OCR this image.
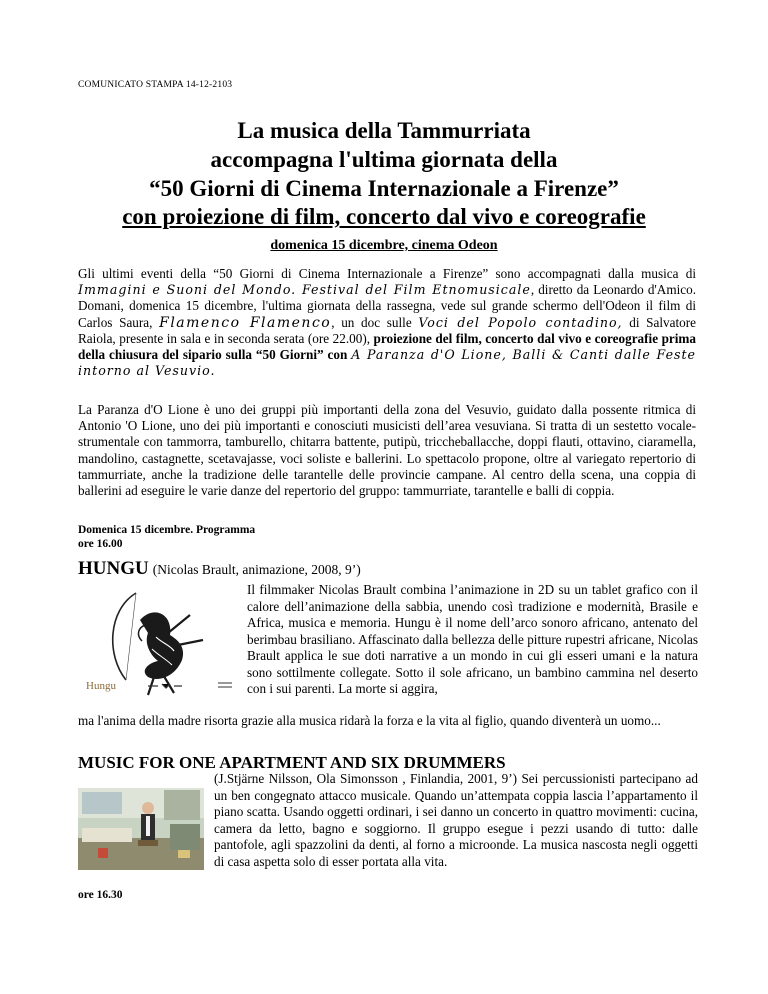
COMUNICATO STAMPA 14-12-2103
La musica della Tammurriata
accompagna l'ultima giornata della
“50 Giorni di Cinema Internazionale a Firenze”
con proiezione di film, concerto dal vivo e coreografie
domenica 15 dicembre, cinema Odeon
Gli ultimi eventi della “50 Giorni di Cinema Internazionale a Firenze” sono accompagnati dalla musica di Immagini e Suoni del Mondo. Festival del Film Etnomusicale, diretto da Leonardo d'Amico. Domani, domenica 15 dicembre, l'ultima giornata della rassegna, vede sul grande schermo dell'Odeon il film di Carlos Saura, Flamenco Flamenco, un doc sulle Voci del Popolo contadino, di Salvatore Raiola, presente in sala e in seconda serata (ore 22.00), proiezione del film, concerto dal vivo e coreografie prima della chiusura del sipario sulla “50 Giorni” con A Paranza d'O Lione, Balli & Canti dalle Feste intorno al Vesuvio.
La Paranza d'O Lione è uno dei gruppi più importanti della zona del Vesuvio, guidato dalla possente ritmica di Antonio 'O Lione, uno dei più importanti e conosciuti musicisti dell’area vesuviana. Si tratta di un sestetto vocale-strumentale con tammorra, tamburello, chitarra battente, putipù, triccheballacche, doppi flauti, ottavino, ciaramella, mandolino, castagnette, scetavajasse, voci soliste e ballerini. Lo spettacolo propone, oltre al variegato repertorio di tammurriate, anche la tradizione delle tarantelle delle provincie campane. Al centro della scena, una coppia di ballerini ad eseguire le varie danze del repertorio del gruppo: tammurriate, tarantelle e balli di coppia.
Domenica 15 dicembre. Programma
ore 16.00
HUNGU (Nicolas Brault, animazione, 2008, 9’)
Hungu
Il filmmaker Nicolas Brault combina l’animazione in 2D su un tablet grafico con il calore dell’animazione della sabbia, unendo così tradizione e modernità, Brasile e Africa, musica e memoria. Hungu è il nome dell’arco sonoro africano, antenato del berimbau brasiliano. Affascinato dalla bellezza delle pitture rupestri africane, Nicolas Brault applica le sue doti narrative a un mondo in cui gli esseri umani e la natura sono sottilmente collegate. Sotto il sole africano, un bambino cammina nel deserto con i sui parenti. La morte si aggira,
ma l'anima della madre risorta grazie alla musica ridarà la forza e la vita al figlio, quando diventerà un uomo...
MUSIC FOR ONE APARTMENT AND SIX DRUMMERS
(J.Stjärne Nilsson, Ola Simonsson , Finlandia, 2001, 9’) Sei percussionisti partecipano ad un ben congegnato attacco musicale. Quando un’attempata coppia lascia l’appartamento il piano scatta. Usando oggetti ordinari, i sei danno un concerto in quattro movimenti: cucina, camera da letto, bagno e soggiorno. Il gruppo esegue i pezzi usando di tutto: dalle pantofole, agli spazzolini da denti, al forno a microonde. La musica nascosta negli oggetti di casa aspetta solo di esser portata alla vita.
ore 16.30
